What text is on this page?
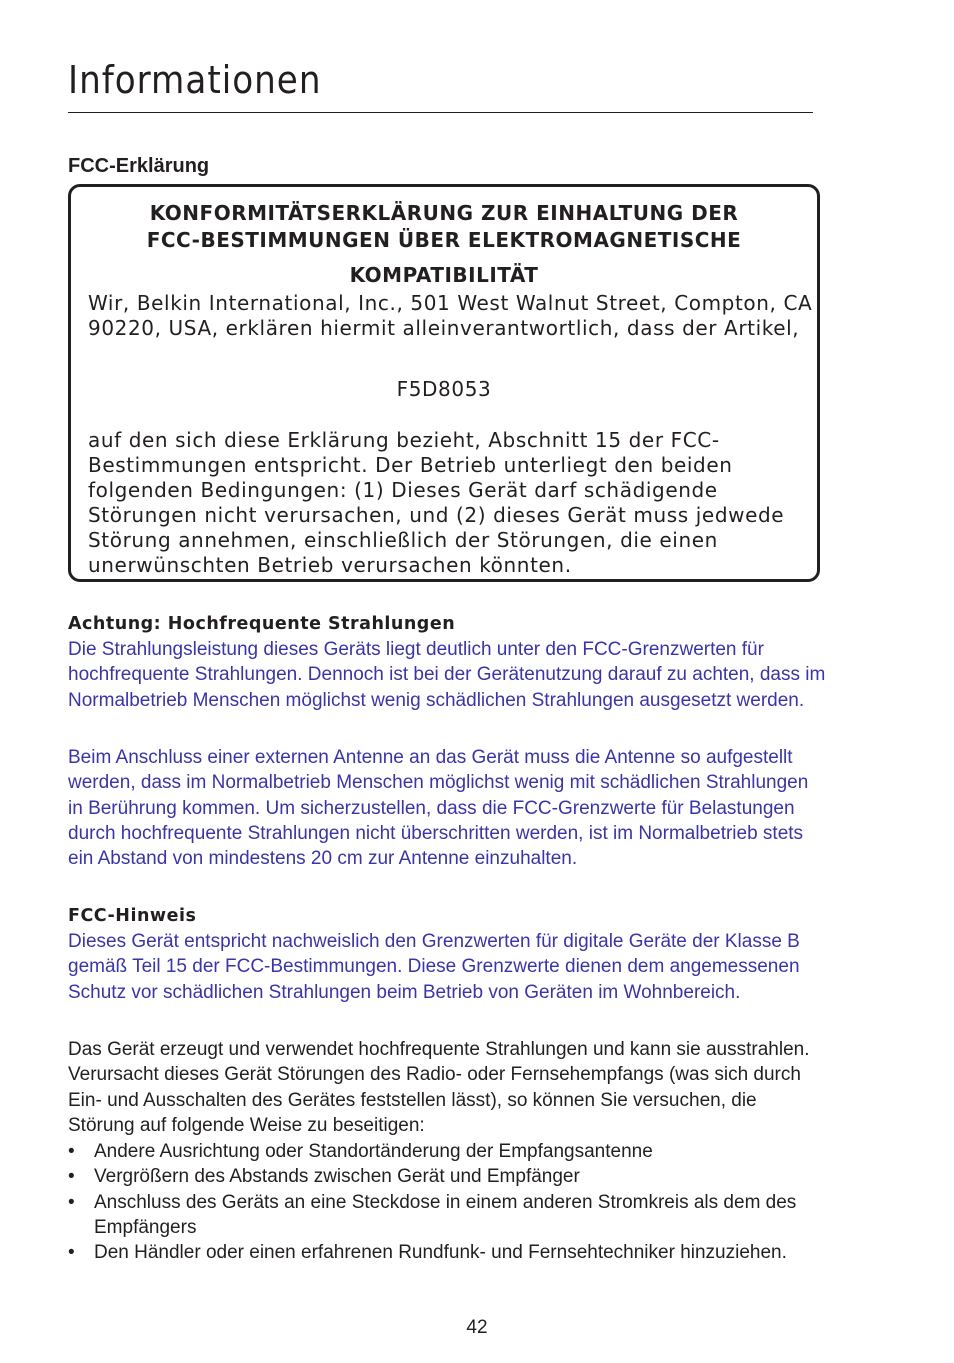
Informationen
FCC-Erklärung
KONFORMITÄTSERKLÄRUNG ZUR EINHALTUNG DER
FCC-BESTIMMUNGEN ÜBER ELEKTROMAGNETISCHE
KOMPATIBILITÄT

Wir, Belkin International, Inc., 501 West Walnut Street, Compton, CA 90220, USA, erklären hiermit alleinverantwortlich, dass der Artikel,

F5D8053

auf den sich diese Erklärung bezieht, Abschnitt 15 der FCC-Bestimmungen entspricht. Der Betrieb unterliegt den beiden folgenden Bedingungen: (1) Dieses Gerät darf schädigende Störungen nicht verursachen, und (2) dieses Gerät muss jedwede Störung annehmen, einschließlich der Störungen, die einen unerwünschten Betrieb verursachen könnten.

Achtung: Hochfrequente Strahlungen

Die Strahlungsleistung dieses Geräts liegt deutlich unter den FCC-Grenzwerten für hochfrequente Strahlungen. Dennoch ist bei der Gerätenutzung darauf zu achten, dass im Normalbetrieb Menschen möglichst wenig schädlichen Strahlungen ausgesetzt werden.

Beim Anschluss einer externen Antenne an das Gerät muss die Antenne so aufgestellt werden, dass im Normalbetrieb Menschen möglichst wenig mit schädlichen Strahlungen in Berührung kommen. Um sicherzustellen, dass die FCC-Grenzwerte für Belastungen durch hochfrequente Strahlungen nicht überschritten werden, ist im Normalbetrieb stets ein Abstand von mindestens 20 cm zur Antenne einzuhalten.

FCC-Hinweis

Dieses Gerät entspricht nachweislich den Grenzwerten für digitale Geräte der Klasse B gemäß Teil 15 der FCC-Bestimmungen. Diese Grenzwerte dienen dem angemessenen Schutz vor schädlichen Strahlungen beim Betrieb von Geräten im Wohnbereich.

Das Gerät erzeugt und verwendet hochfrequente Strahlungen und kann sie ausstrahlen. Verursacht dieses Gerät Störungen des Radio- oder Fernsehempfangs (was sich durch Ein- und Ausschalten des Gerätes feststellen lässt), so können Sie versuchen, die Störung auf folgende Weise zu beseitigen:

• Andere Ausrichtung oder Standortänderung der Empfangsantenne
• Vergrößern des Abstands zwischen Gerät und Empfänger
• Anschluss des Geräts an eine Steckdose in einem anderen Stromkreis als dem des Empfängers
• Den Händler oder einen erfahrenen Rundfunk- und Fernsehtechniker hinzuziehen.
42
